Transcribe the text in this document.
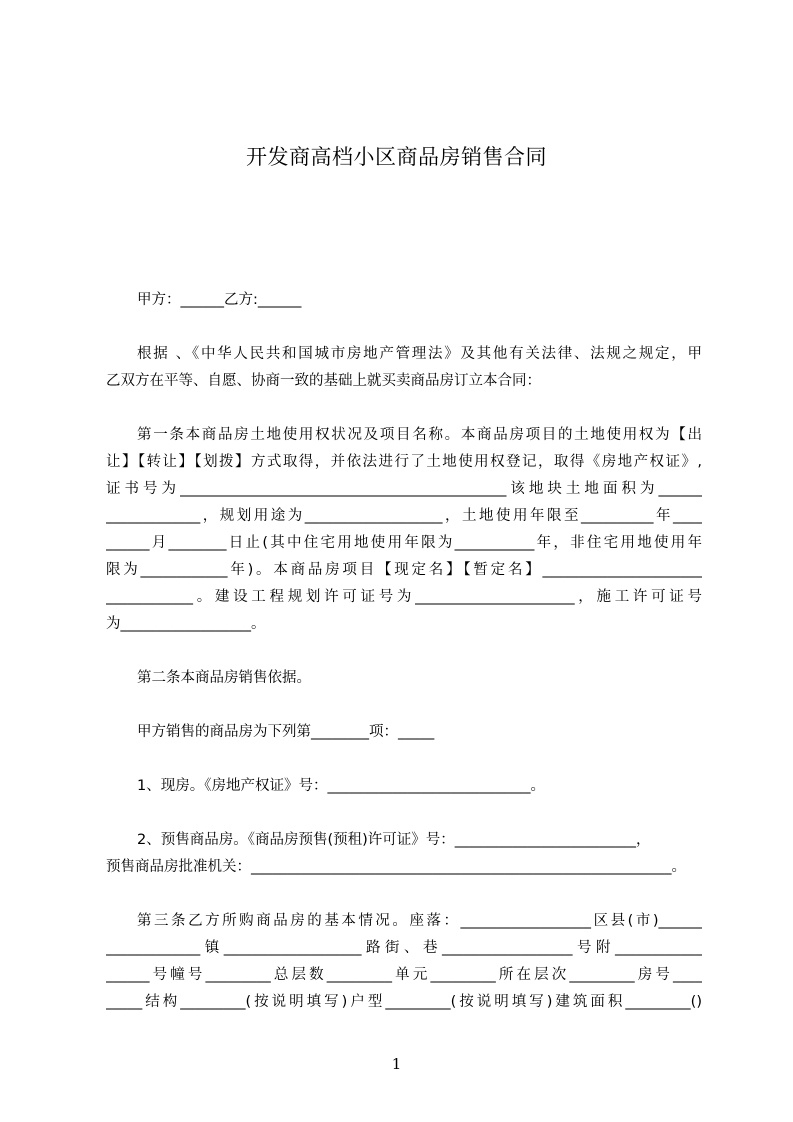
开发商高档小区商品房销售合同
甲方：______乙方:______
根据 、《中华人民共和国城市房地产管理法》及其他有关法律、法规之规定，甲
乙双方在平等、自愿、协商一致的基础上就买卖商品房订立本合同：
第一条本商品房土地使用权状况及项目名称。本商品房项目的土地使用权为【出
让】【转让】【划拨】方式取得，并依法进行了土地使用权登记，取得《房地产权证》,
证书号为_____________________________________________该地块土地面积为______
_____________，规划用途为___________________，土地使用年限至__________年____
______月________日止(其中住宅用地使用年限为___________年，非住宅用地使用年
限为____________年)。本商品房项目【现定名】【暂定名】______________________
____________。建设工程规划许可证号为______________________，施工许可证号
为__________________。
第二条本商品房销售依据。
甲方销售的商品房为下列第________项：_____
1、现房。《房地产权证》号：____________________________。
2、预售商品房。《商品房预售(预租)许可证》号：_________________________，
预售商品房批准机关：__________________________________________________________。
第三条乙方所购商品房的基本情况。座落：__________________区县(市)______
_____________镇___________________路街、巷__________________号附____________
______号幢号_________总层数_________单元_________所在层次_________房号____
_____结构_________(按说明填写)户型_________(按说明填写)建筑面积_________()
1
